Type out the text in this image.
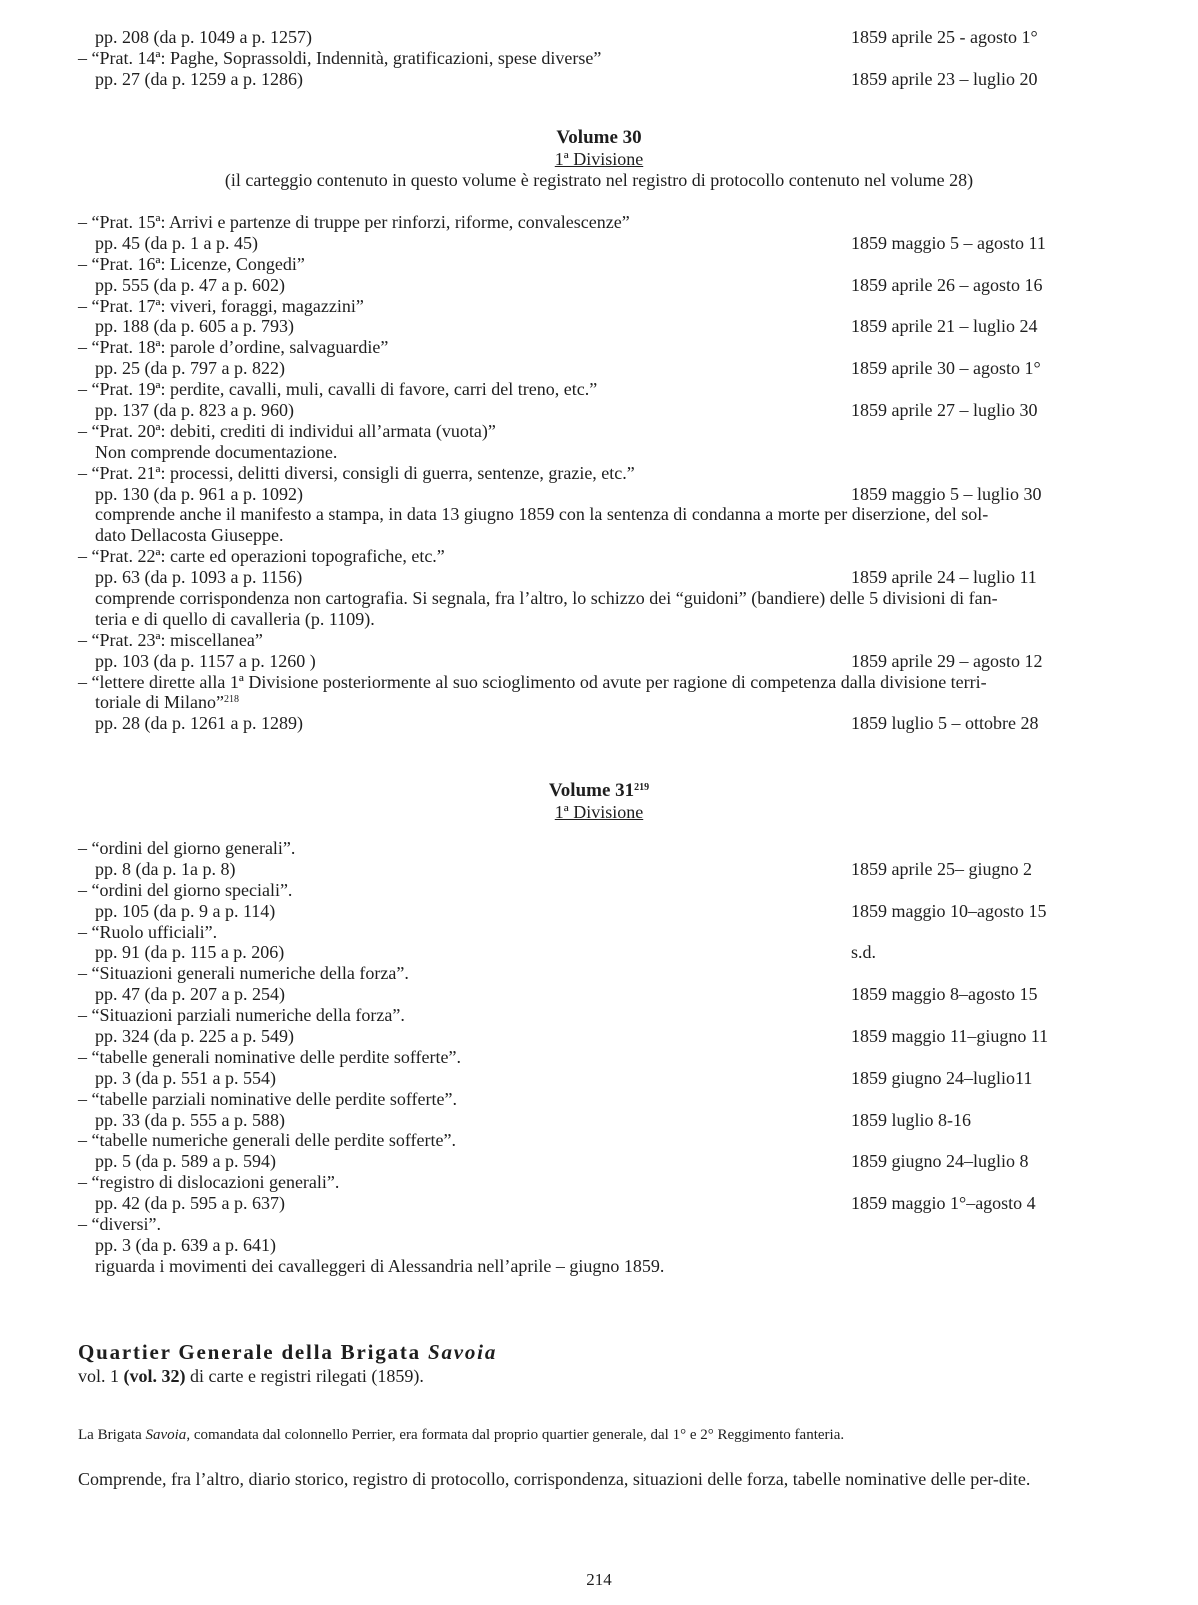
pp. 208 (da p. 1049 a p. 1257)	1859 aprile 25 - agosto 1°
– “Prat. 14ª: Paghe, Soprassoldi, Indennità, gratificazioni, spese diverse”
pp. 27 (da p. 1259 a p. 1286)	1859 aprile 23 – luglio 20
Volume 30
1ª Divisione
(il carteggio contenuto in questo volume è registrato nel registro di protocollo contenuto nel volume 28)
– “Prat. 15ª: Arrivi e partenze di truppe per rinforzi, riforme, convalescenze”
pp. 45 (da p. 1 a p. 45)	1859 maggio 5 – agosto 11
– “Prat. 16ª: Licenze, Congedi”
pp. 555 (da p. 47 a p. 602)	1859 aprile 26 – agosto 16
– “Prat. 17ª: viveri, foraggi, magazzini”
pp. 188 (da p. 605 a p. 793)	1859 aprile 21 – luglio 24
– “Prat. 18ª: parole d’ordine, salvaguardie”
pp. 25 (da p. 797 a p. 822)	1859 aprile 30 – agosto 1°
– “Prat. 19ª: perdite, cavalli, muli, cavalli di favore, carri del treno, etc.”
pp. 137 (da p. 823 a p. 960)	1859 aprile 27 – luglio 30
– “Prat. 20ª: debiti, crediti di individui all’armata (vuota)”
Non comprende documentazione.
– “Prat. 21ª: processi, delitti diversi, consigli di guerra, sentenze, grazie, etc.”
pp. 130 (da p. 961 a p. 1092)	1859 maggio 5 – luglio 30
comprende anche il manifesto a stampa, in data 13 giugno 1859 con la sentenza di condanna a morte per diserzione, del sol-
dato Dellacosta Giuseppe.
– “Prat. 22ª: carte ed operazioni topografiche, etc.”
pp. 63 (da p. 1093 a p. 1156)	1859 aprile 24 – luglio 11
comprende corrispondenza non cartografia. Si segnala, fra l’altro, lo schizzo dei “guidoni” (bandiere) delle 5 divisioni di fan-
teria e di quello di cavalleria (p. 1109).
– “Prat. 23ª: miscellanea”
pp. 103 (da p. 1157 a p. 1260 )	1859 aprile 29 – agosto 12
– “lettere dirette alla 1ª Divisione posteriormente al suo scioglimento od avute per ragione di competenza dalla divisione terri-
toriale di Milano”$^{218}$
pp. 28 (da p. 1261 a p. 1289)	1859 luglio 5 – ottobre 28
Volume $31^{219}$
1ª Divisione
– “ordini del giorno generali”.
pp. 8 (da p. 1a p. 8)	1859 aprile 25– giugno 2
– “ordini del giorno speciali”.
pp. 105 (da p. 9 a p. 114)	1859 maggio 10–agosto 15
– “Ruolo ufficiali”.
pp. 91 (da p. 115 a p. 206)	s.d.
– “Situazioni generali numeriche della forza”.
pp. 47 (da p. 207 a p. 254)	1859 maggio 8–agosto 15
– “Situazioni parziali numeriche della forza”.
pp. 324 (da p. 225 a p. 549)	1859 maggio 11–giugno 11
– “tabelle generali nominative delle perdite sofferte”.
pp. 3 (da p. 551 a p. 554)	1859 giugno 24–luglio11
– “tabelle parziali nominative delle perdite sofferte”.
pp. 33 (da p. 555 a p. 588)	1859 luglio 8-16
– “tabelle numeriche generali delle perdite sofferte”.
pp. 5 (da p. 589 a p. 594)	1859 giugno 24–luglio 8
– “registro di dislocazioni generali”.
pp. 42 (da p. 595 a p. 637)	1859 maggio 1°–agosto 4
– “diversi”.
pp. 3 (da p. 639 a p. 641)
riguarda i movimenti dei cavalleggeri di Alessandria nell’aprile – giugno 1859.
Quartier Generale della Brigata Savoia
vol. 1 (vol. 32) di carte e registri rilegati (1859).
La Brigata Savoia, comandata dal colonnello Perrier, era formata dal proprio quartier generale, dal 1° e 2° Reggimento fanteria.
Comprende, fra l’altro, diario storico, registro di protocollo, corrispondenza, situazioni delle forza, tabelle nominative delle per-dite.
214
